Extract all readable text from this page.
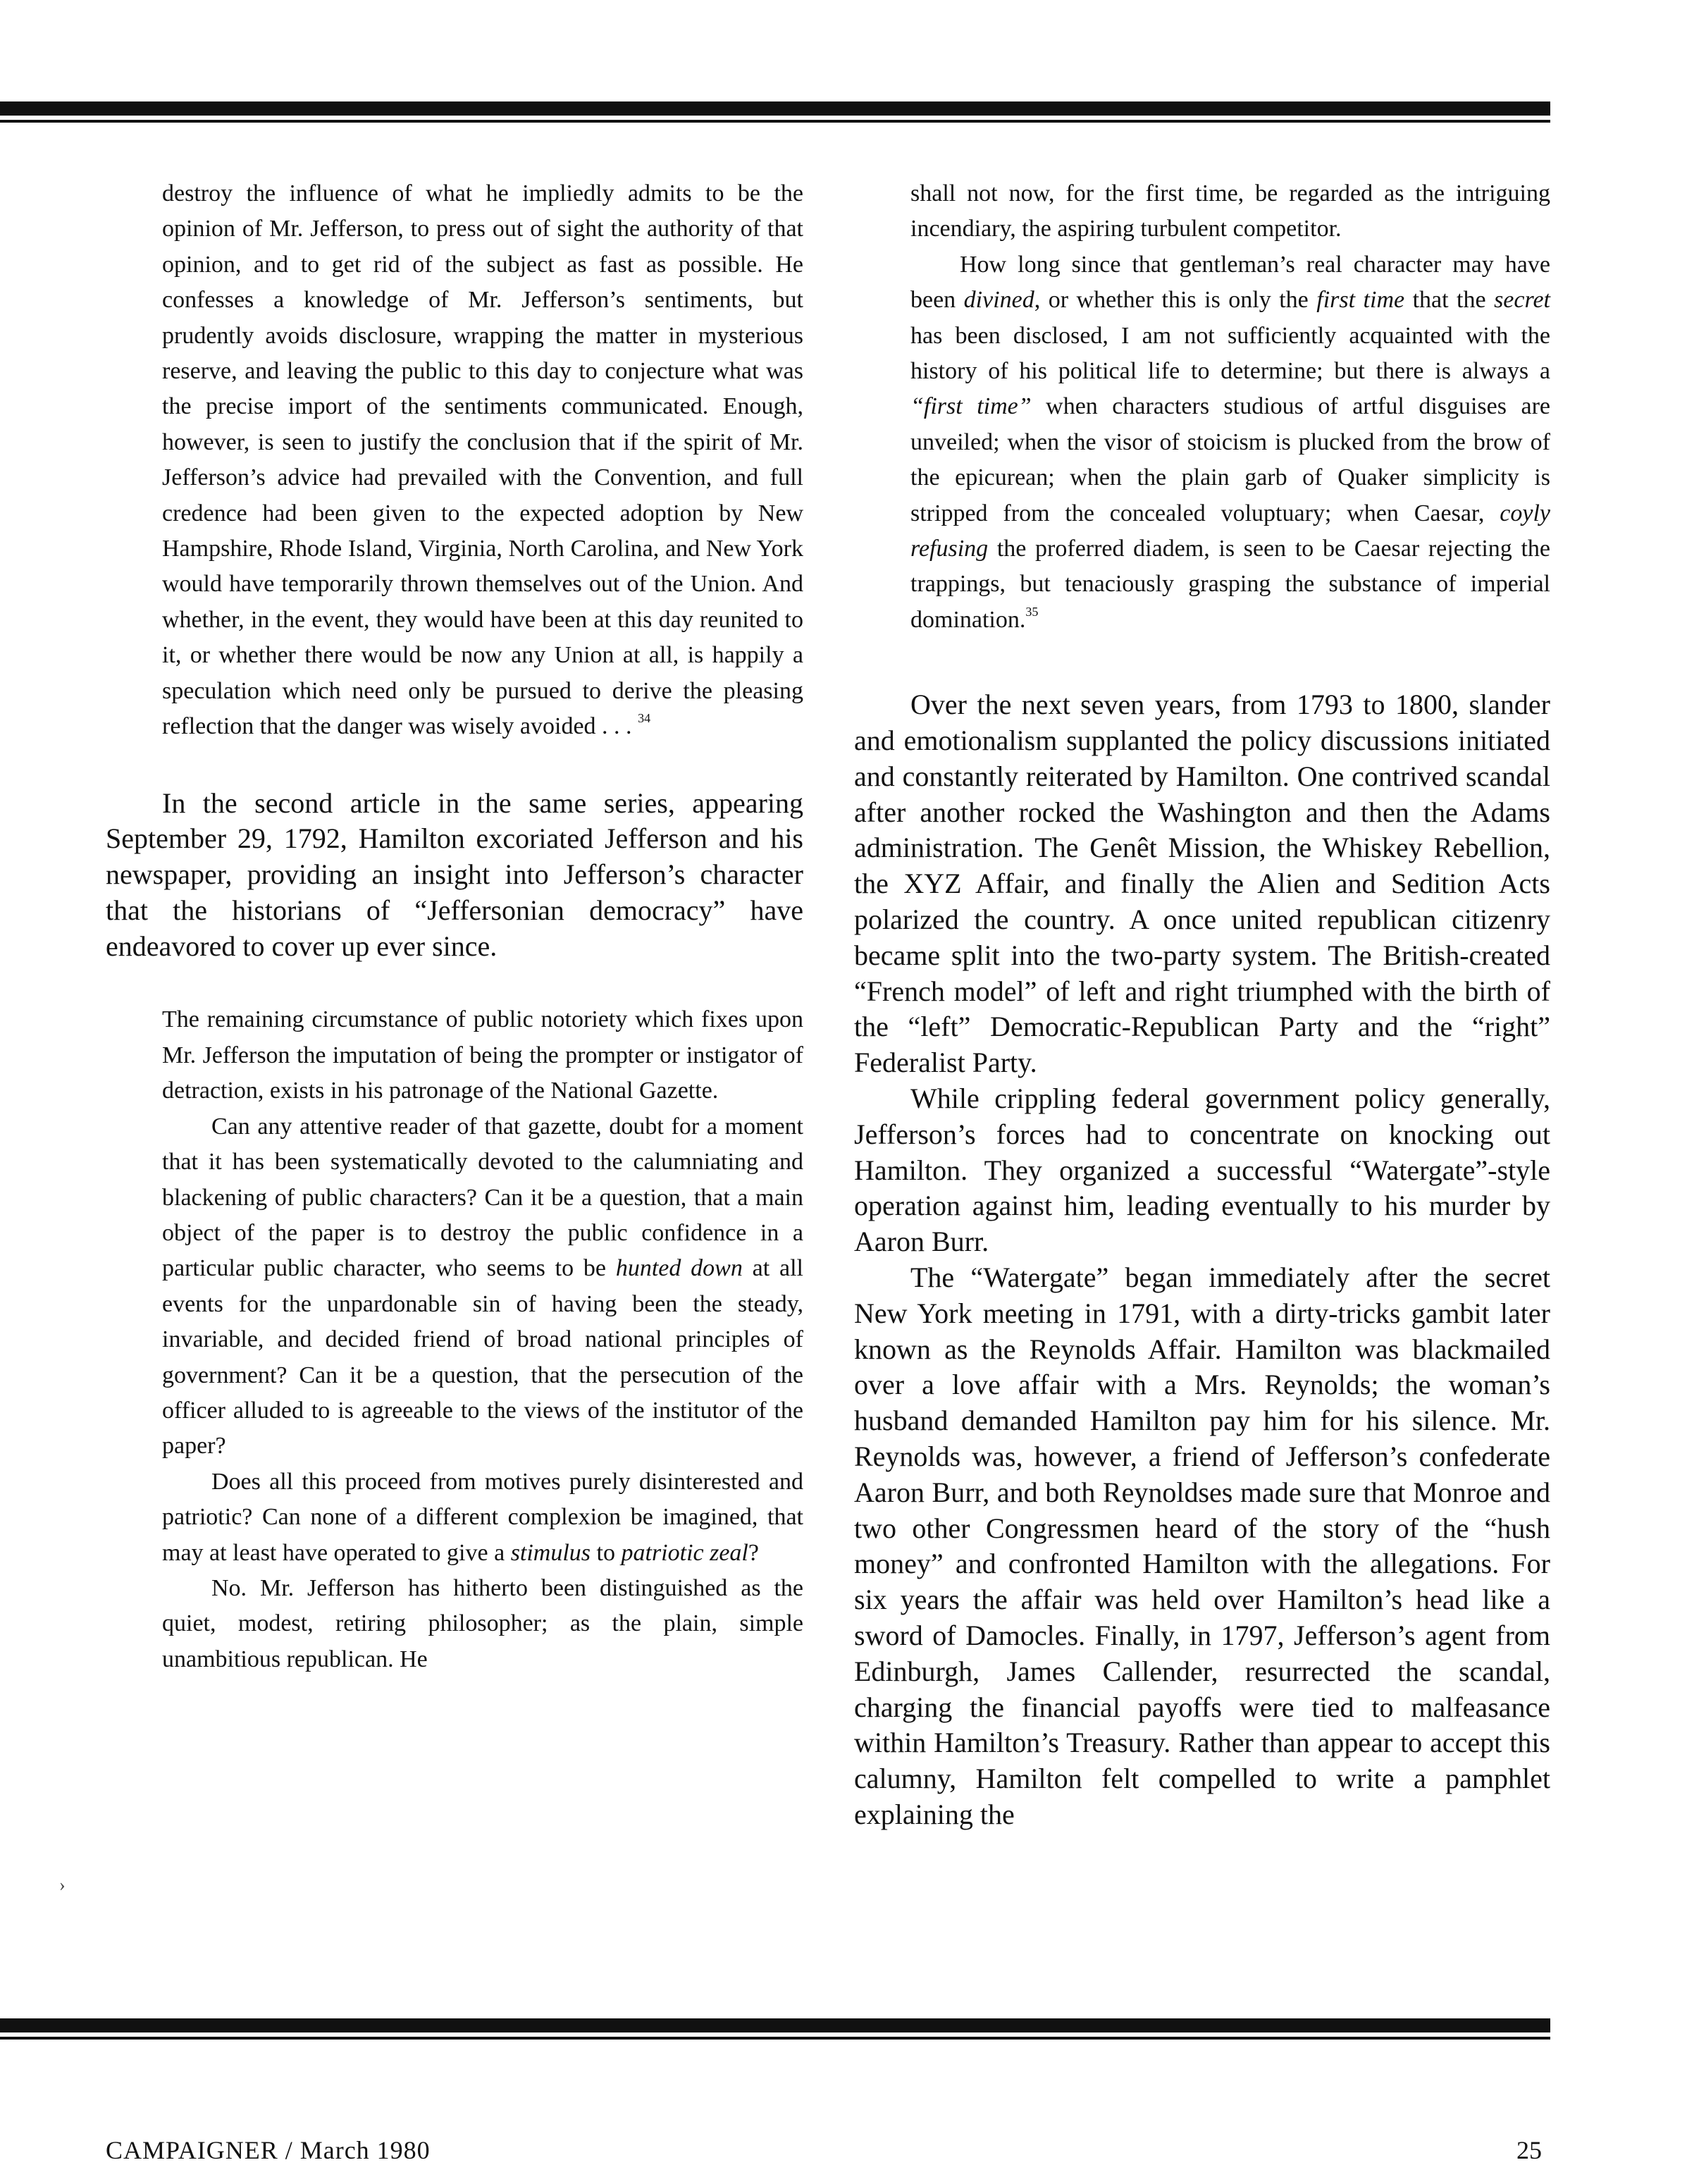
destroy the influence of what he impliedly admits to be the opinion of Mr. Jefferson, to press out of sight the authority of that opinion, and to get rid of the subject as fast as possible. He confesses a knowledge of Mr. Jefferson’s sentiments, but prudently avoids disclosure, wrapping the matter in mysterious reserve, and leaving the public to this day to conjecture what was the precise import of the sentiments communicated. Enough, however, is seen to justify the conclusion that if the spirit of Mr. Jefferson’s advice had prevailed with the Convention, and full credence had been given to the expected adoption by New Hampshire, Rhode Island, Virginia, North Carolina, and New York would have temporarily thrown themselves out of the Union. And whether, in the event, they would have been at this day reunited to it, or whether there would be now any Union at all, is happily a speculation which need only be pursued to derive the pleasing reflection that the danger was wisely avoided . . . $^{34}$

In the second article in the same series, appearing September 29, 1792, Hamilton excoriated Jefferson and his newspaper, providing an insight into Jefferson’s character that the historians of “Jeffersonian democracy” have endeavored to cover up ever since.

The remaining circumstance of public notoriety which fixes upon Mr. Jefferson the imputation of being the prompter or instigator of detraction, exists in his patronage of the National Gazette.

Can any attentive reader of that gazette, doubt for a moment that it has been systematically devoted to the calumniating and blackening of public characters? Can it be a question, that a main object of the paper is to destroy the public confidence in a particular public character, who seems to be hunted down at all events for the unpardonable sin of having been the steady, invariable, and decided friend of broad national principles of government? Can it be a question, that the persecution of the officer alluded to is agreeable to the views of the institutor of the paper?

Does all this proceed from motives purely disinterested and patriotic? Can none of a different complexion be imagined, that may at least have operated to give a stimulus to patriotic zeal?

No. Mr. Jefferson has hitherto been distinguished as the quiet, modest, retiring philosopher; as the plain, simple unambitious republican. He

shall not now, for the first time, be regarded as the intriguing incendiary, the aspiring turbulent competitor.

How long since that gentleman’s real character may have been divined, or whether this is only the first time that the secret has been disclosed, I am not sufficiently acquainted with the history of his political life to determine; but there is always a “first time” when characters studious of artful disguises are unveiled; when the visor of stoicism is plucked from the brow of the epicurean; when the plain garb of Quaker simplicity is stripped from the concealed voluptuary; when Caesar, coyly refusing the proferred diadem, is seen to be Caesar rejecting the trappings, but tenaciously grasping the substance of imperial domination.$^{35}$

Over the next seven years, from 1793 to 1800, slander and emotionalism supplanted the policy discussions initiated and constantly reiterated by Hamilton. One contrived scandal after another rocked the Washington and then the Adams administration. The Genêt Mission, the Whiskey Rebellion, the XYZ Affair, and finally the Alien and Sedition Acts polarized the country. A once united republican citizenry became split into the two-party system. The British-created “French model” of left and right triumphed with the birth of the “left” Democratic-Republican Party and the “right” Federalist Party.

While crippling federal government policy generally, Jefferson’s forces had to concentrate on knocking out Hamilton. They organized a successful “Watergate”-style operation against him, leading eventually to his murder by Aaron Burr.

The “Watergate” began immediately after the secret New York meeting in 1791, with a dirty-tricks gambit later known as the Reynolds Affair. Hamilton was blackmailed over a love affair with a Mrs. Reynolds; the woman’s husband demanded Hamilton pay him for his silence. Mr. Reynolds was, however, a friend of Jefferson’s confederate Aaron Burr, and both Reynoldses made sure that Monroe and two other Congressmen heard of the story of the “hush money” and confronted Hamilton with the allegations. For six years the affair was held over Hamilton’s head like a sword of Damocles. Finally, in 1797, Jefferson’s agent from Edinburgh, James Callender, resurrected the scandal, charging the financial payoffs were tied to malfeasance within Hamilton’s Treasury. Rather than appear to accept this calumny, Hamilton felt compelled to write a pamphlet explaining the

›
CAMPAIGNER / March 1980	25
